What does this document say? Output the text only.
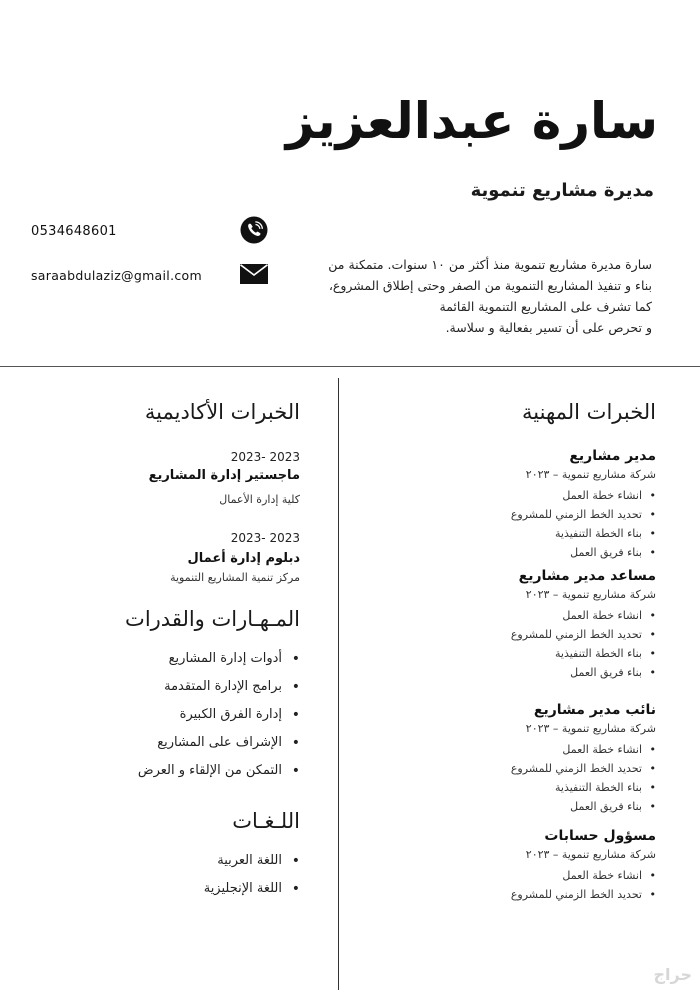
سارة عبدالعزيز
مديرة مشاريع تنموية
0534648601
saraabdulaziz@gmail.com
سارة مديرة مشاريع تنموية منذ أكثر من ١٠ سنوات. متمكنة من
بناء و تنفيذ المشاريع التنموية من الصفر وحتى إطلاق المشروع،
كما تشرف على المشاريع التنموية القائمة
و تحرص على أن تسير بفعالية و سلاسة.
الخبرات المهنية
مدير مشاريع
شركة مشاريع تنموية – ٢٠٢٣
• انشاء خطة العمل
• تحديد الخط الزمني للمشروع
• بناء الخطة التنفيذية
• بناء فريق العمل
مساعد مدير مشاريع
شركة مشاريع تنموية – ٢٠٢٣
• انشاء خطة العمل
• تحديد الخط الزمني للمشروع
• بناء الخطة التنفيذية
• بناء فريق العمل
نائب مدير مشاريع
شركة مشاريع تنموية – ٢٠٢٣
• انشاء خطة العمل
• تحديد الخط الزمني للمشروع
• بناء الخطة التنفيذية
• بناء فريق العمل
مسؤول حسابات
شركة مشاريع تنموية – ٢٠٢٣
• انشاء خطة العمل
• تحديد الخط الزمني للمشروع
الخبرات الأكاديمية
2023 -2023
ماجستير إدارة المشاريع
كلية إدارة الأعمال
2023 -2023
دبلوم إدارة أعمال
مركز تنمية المشاريع التنموية
المـهـارات والقدرات
• أدوات إدارة المشاريع
• برامج الإدارة المتقدمة
• إدارة الفرق الكبيرة
• الإشراف على المشاريع
• التمكن من الإلقاء و العرض
اللـغـات
• اللغة العربية
• اللغة الإنجليزية
حراج
